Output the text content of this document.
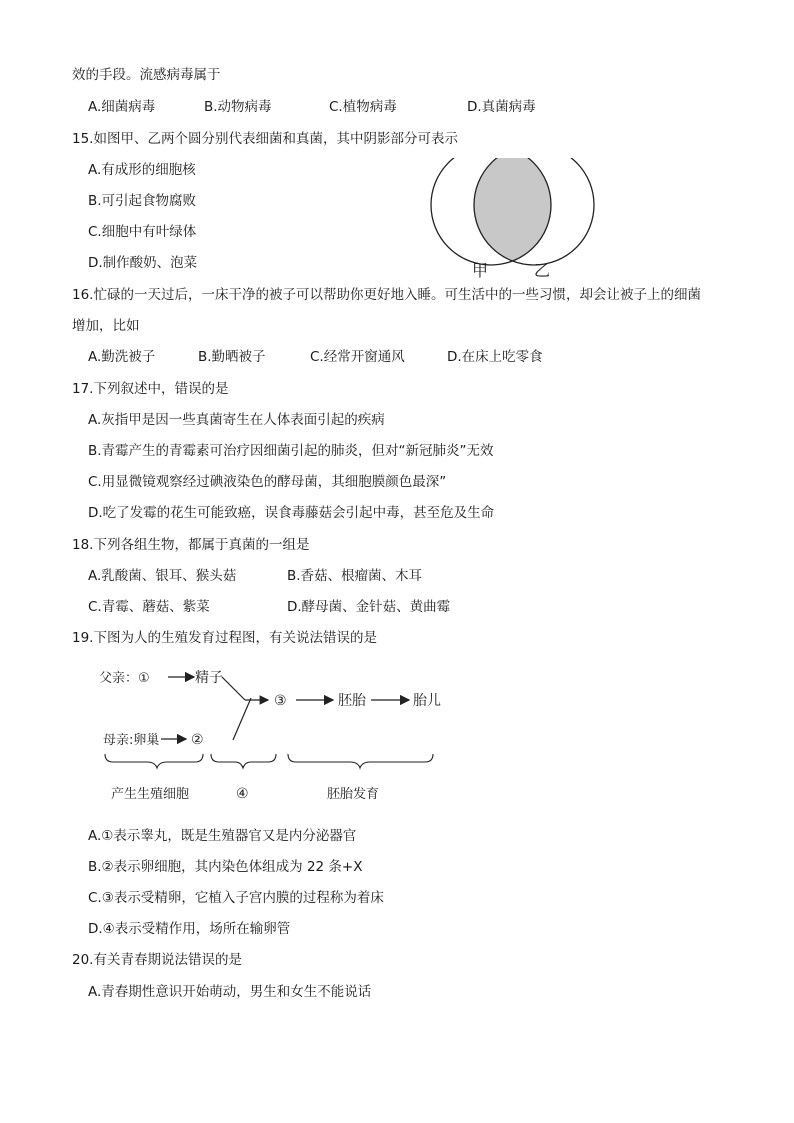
效的手段。流感病毒属于
A.细菌病毒	B.动物病毒	C.植物病毒	D.真菌病毒
15.如图甲、乙两个圆分别代表细菌和真菌，其中阴影部分可表示
A.有成形的细胞核
B.可引起食物腐败
C.细胞中有叶绿体
D.制作酸奶、泡菜	甲	乙
16.忙碌的一天过后，一床干净的被子可以帮助你更好地入睡。可生活中的一些习惯，却会让被子上的细菌
增加，比如
A.勤洗被子	B.勤晒被子	C.经常开窗通风	D.在床上吃零食
17.下列叙述中，错误的是
A.灰指甲是因一些真菌寄生在人体表面引起的疾病
B.青霉产生的青霉素可治疗因细菌引起的肺炎，但对“新冠肺炎”无效
C.用显微镜观察经过碘液染色的酵母菌，其细胞膜颜色最深”
D.吃了发霉的花生可能致癌，误食毒藤菇会引起中毒，甚至危及生命
18.下列各组生物，都属于真菌的一组是
A.乳酸菌、银耳、猴头菇	B.香菇、根瘤菌、木耳
C.青霉、蘑菇、紫菜	D.酵母菌、金针菇、黄曲霉
19.下图为人的生殖发育过程图，有关说法错误的是
父亲：①	精子
③	胚胎	胎儿
母亲:卵巢 ②
产生生殖细胞	④	胚胎发育
A.①表示睾丸，既是生殖器官又是内分泌器官
B.②表示卵细胞，其内染色体组成为 22 条+X
C.③表示受精卵，它植入子宫内膜的过程称为着床
D.④表示受精作用，场所在输卵管
20.有关青春期说法错误的是
A.青春期性意识开始萌动，男生和女生不能说话
